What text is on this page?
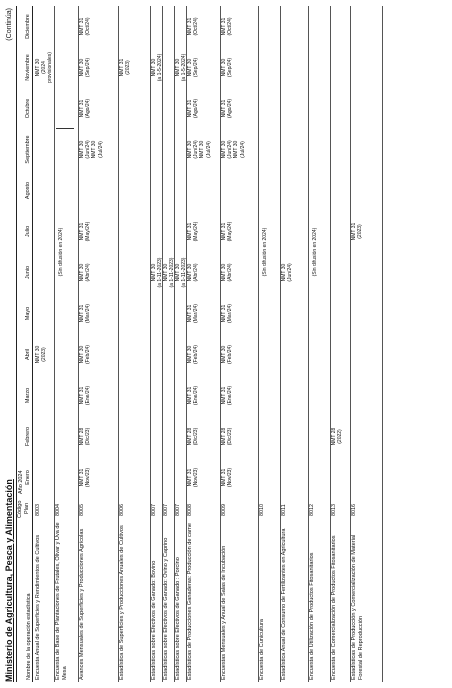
Ministerio de Agricultura, Pesca y Alimentación
(Continúa)
Nombre de la operación estadística
Código Plan
Año 2024 Enero
Febrero
Marzo
Abril
Mayo
Junio
Julio
Agosto
Septiembre
Octubre
Noviembre
Diciembre
Encuesta Anual de Superficies y Rendimientos de Cultivos
8003
NMT 30 (2023)
NMT 30 (2024 provisionales)
Encuesta de Base de Plantaciones de Frutales, Olivar y Uva de Mesa
8004
(Sin difusión en 2024)
Avances Mensuales de Superficies y Producciones Agrícolas
8005
NMT 31 (Nov/23)
NMT 28 (Dic/23)
NMT 31 (Ene/24)
NMT 30 (Feb/24)
NMT 31 (Mar/24)
NMT 30 (Abr/24)
NMT 31 (May/24)
NMT 30 (Jun/24) NMT 30 (Jul/24)
NMT 31 (Ago/24)
NMT 30 (Sep/24)
NMT 31 (Oct/24)
Estadística de Superficies y Producciones Anuales de Cultivos
8006
NMT 31 (2023)
Estadísticas sobre Efectivos de Ganado: Bovino
8007
NMT 30 (a 1-11-2023)
NMT 30 (a 1-5-2024)
Estadísticas sobre Efectivos de Ganado: Ovino y Caprino
8007
NMT 30 (a 1-11-2023)
Estadísticas sobre Efectivos de Ganado : Porcino
8007
NMT 30 (a 1-11-2023)
NMT 30 (a 1-5-2024)
Estadísticas de Producciones Ganaderas: Producción de carne
8008
NMT 31 (Nov/23)
NMT 28 (Dic/23)
NMT 31 (Ene/24)
NMT 30 (Feb/24)
NMT 31 (Mar/24)
NMT 30 (Abr/24)
NMT 31 (May/24)
NMT 30 (Jun/24) NMT 30 (Jul/24)
NMT 31 (Ago/24)
NMT 30 (Sep/24)
NMT 31 (Oct/24)
Encuestas Mensuales y Anual de Salas de Incubación
8009
NMT 31 (Nov/23)
NMT 28 (Dic/23)
NMT 31 (Ene/24)
NMT 30 (Feb/24)
NMT 31 (Mar/24)
NMT 30 (Abr/24)
NMT 31 (May/24)
NMT 30 (Jun/24) NMT 30 (Jul/24)
NMT 31 (Ago/24)
NMT 30 (Sep/24)
NMT 31 (Oct/24)
Encuesta de Cunicultura
8010
(Sin difusión en 2024)
Estadística Anual de Consumo de Fertilizantes en Agricultura
8011
NMT 30 (Jun/24)
Encuesta de Utilización de Productos Fitosanitarios
8012
(Sin difusión en 2024)
Encuesta de Comercialización de Productos Fitosanitarios
8013
NMT 28 (2022)
Estadísticas de Producción y Comercialización de Material Forestal de Reproducción
8016
NMT 31 (2023)
